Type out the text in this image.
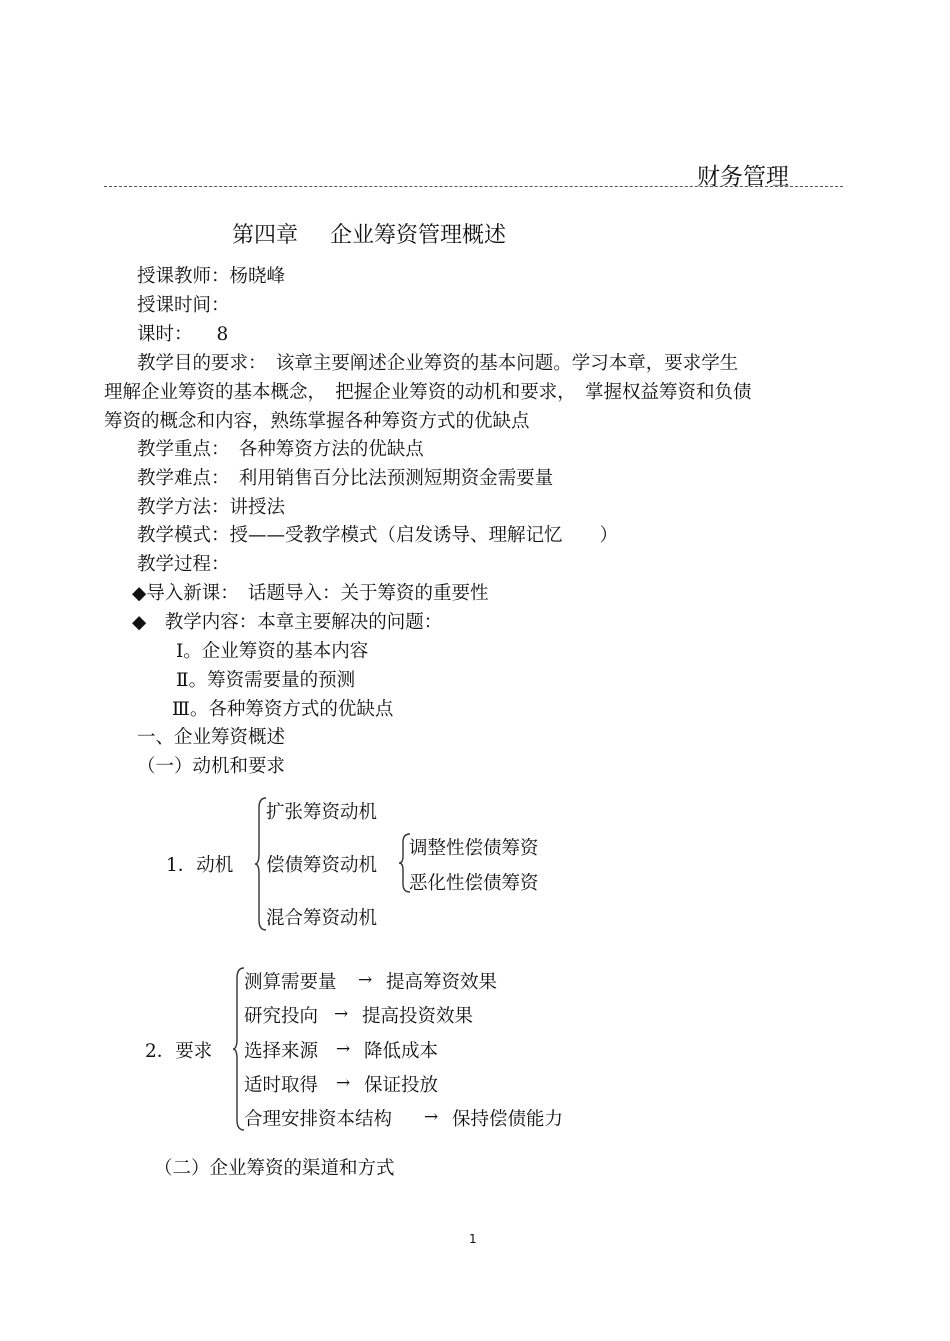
财务管理
第四章 企业筹资管理概述
授课教师：杨晓峰
授课时间：
课时： 8
教学目的要求：　该章主要阐述企业筹资的基本问题。学习本章，要求学生
理解企业筹资的基本概念，　把握企业筹资的动机和要求，　掌握权益筹资和负债
筹资的概念和内容，熟练掌握各种筹资方式的优缺点
教学重点：　各种筹资方法的优缺点
教学难点：　利用销售百分比法预测短期资金需要量
教学方法：讲授法
教学模式：授——受教学模式（启发诱导、理解记忆　　）
教学过程：
◆导入新课：　话题导入：关于筹资的重要性
◆　教学内容：本章主要解决的问题：
Ⅰ。企业筹资的基本内容
Ⅱ。筹资需要量的预测
Ⅲ。各种筹资方式的优缺点
一、企业筹资概述
（一）动机和要求
1．动机
扩张筹资动机
偿债筹资动机
混合筹资动机
调整性偿债筹资
恶化性偿债筹资
2．要求
测算需要量 → 提高筹资效果
研究投向 → 提高投资效果
选择来源 → 降低成本
适时取得 → 保证投放
合理安排资本结构 → 保持偿债能力
（二）企业筹资的渠道和方式
1
